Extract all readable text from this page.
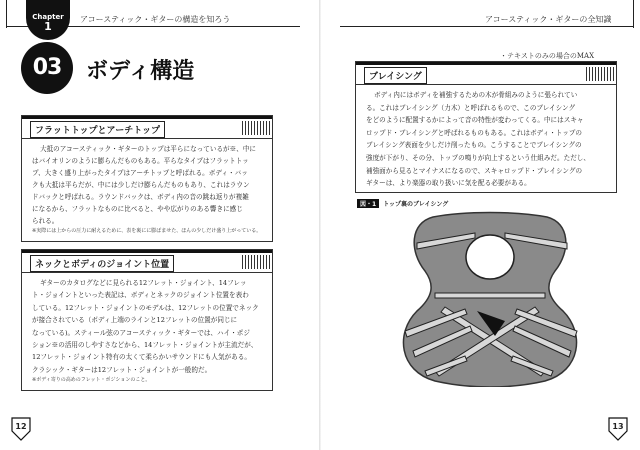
Chapter
1
アコースティック・ギターの構造を知ろう
03	ボディ構造
フラットトップとアーチトップ
大抵のアコースティック・ギターのトップは平らになっているが※、中に
はバイオリンのように膨らんだものもある。平らなタイプはフラットトッ
プ、大きく盛り上がったタイプはアーチトップと呼ばれる。ボディ・バッ
クも大抵は平らだが、中には少しだけ膨らんだものもあり、これはラウン
ドバックと呼ばれる。ラウンドバックは、ボディ内の音の跳ね返りが複雑
になるから、フラットなものに比べると、やや広がりのある響きに感じ
られる。
※実際には上からの圧力に耐えるために、表を裏にに膨ばませた、ほんの少しだけ盛り上がっている。
ネックとボディのジョイント位置
ギターのカタログなどに見られる12フレット・ジョイント、14フレッ
ト・ジョイントといった表記は、ボディとネックのジョイント位置を表わ
している。12フレット・ジョイントのモデルは、12フレットの位置でネック
が接合されている（ボディ上端のラインと12フレットの位置が同じに
なっている)。スティール弦のアコースティック・ギターでは、ハイ・ポジ
ション※の活用のしやすさなどから、14フレット・ジョイントが主流だが、
12フレット・ジョイント特有の太くて柔らかいサウンドにも人気がある。
クラシック・ギターは12フレット・ジョイントが一般的だ。
※ボディ寄りの高めのフレット・ポジションのこと。
12
アコースティック・ギターの全知識
・テキストのみの場合のMAX
ブレイシング
ボディ内にはボディを補強するための木が骨組みのように張られてい
る。これはブレイシング（力木）と呼ばれるもので、このブレイシング
をどのように配置するかによって音の特性が変わってくる。中にはスキャ
ロップド・ブレイシングと呼ばれるものもある。これはボディ・トップの
ブレイシング表面を少しだけ削ったもの。こうすることでブレイシングの
強度が下がり、その分、トップの鳴りが向上するという仕組みだ。ただし、
補強面から見るとマイナスになるので、スキャロップド・ブレイシングの
ギターは、より楽器の取り扱いに気を配る必要がある。
図・1 トップ裏のブレイシング
13
